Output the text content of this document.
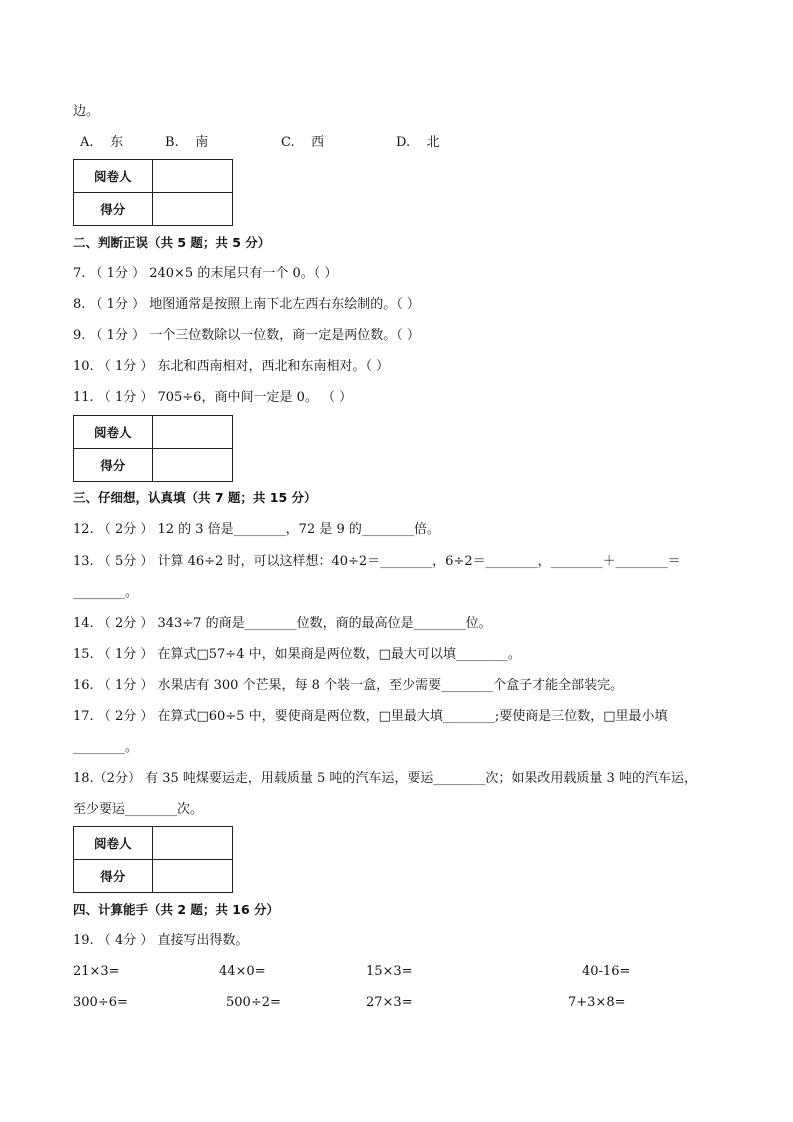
边。
A. 东	B. 南	C. 西	D. 北
阅卷人	
得分	
二、判断正误（共 5 题；共 5 分）
7. （ 1分 ） 240×5 的末尾只有一个 0。（ ）
8. （ 1分 ） 地图通常是按照上南下北左西右东绘制的。（ ）
9. （ 1分 ） 一个三位数除以一位数，商一定是两位数。（ ）
10. （ 1分 ） 东北和西南相对，西北和东南相对。（ ）
11. （ 1分 ） 705÷6，商中间一定是 0。 （ ）
阅卷人	
得分	
三、仔细想，认真填（共 7 题；共 15 分）
12. （ 2分 ） 12 的 3 倍是________，72 是 9 的________倍。
13. （ 5分 ） 计算 46÷2 时，可以这样想：40÷2＝________，6÷2＝________，________＋________＝
________。
14. （ 2分 ） 343÷7 的商是________位数，商的最高位是________位。
15. （ 1分 ） 在算式□57÷4 中，如果商是两位数，□最大可以填________。
16. （ 1分 ） 水果店有 300 个芒果，每 8 个装一盒，至少需要________个盒子才能全部装完。
17. （ 2分 ） 在算式□60÷5 中，要使商是两位数，□里最大填________;要使商是三位数，□里最小填
________。
18.（2分） 有 35 吨煤要运走，用载质量 5 吨的汽车运，要运________次；如果改用载质量 3 吨的汽车运，
至少要运________次。
阅卷人	
得分	
四、计算能手（共 2 题；共 16 分）
19. （ 4分 ） 直接写出得数。
21×3=	44×0=	15×3=	40-16=
300÷6=	500÷2=	27×3=	7+3×8=
